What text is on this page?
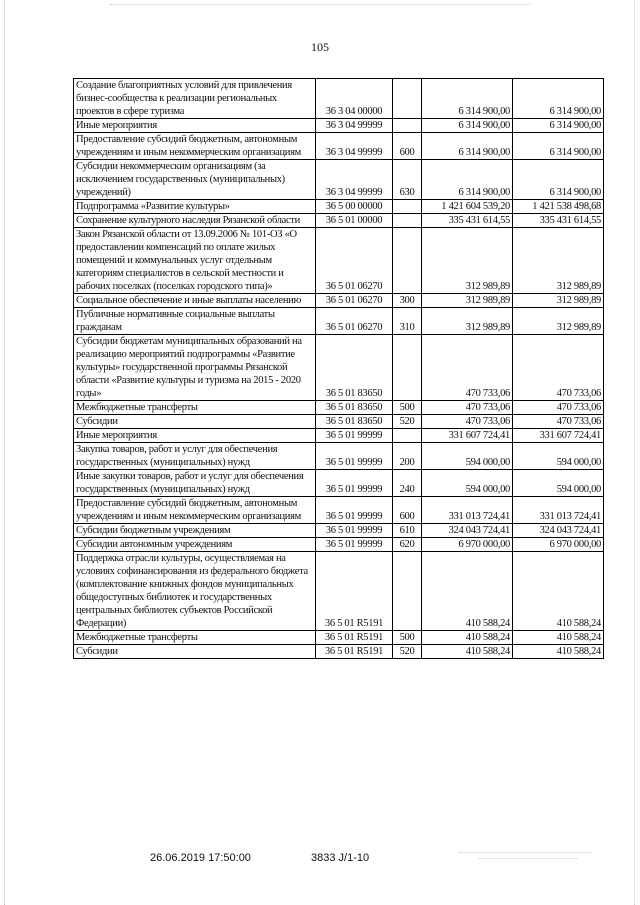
105
Создание благоприятных условий для привлечения бизнес-сообщества к реализации региональных проектов в сфере туризма	36 3 04 00000		6 314 900,00	6 314 900,00
Иные мероприятия	36 3 04 99999		6 314 900,00	6 314 900,00
Предоставление субсидий бюджетным, автономным учреждениям и иным некоммерческим организациям	36 3 04 99999	600	6 314 900,00	6 314 900,00
Субсидии некоммерческим организациям (за исключением государственных (муниципальных) учреждений)	36 3 04 99999	630	6 314 900,00	6 314 900,00
Подпрограмма «Развитие культуры»	36 5 00 00000		1 421 604 539,20	1 421 538 498,68
Сохранение культурного наследия Рязанской области	36 5 01 00000		335 431 614,55	335 431 614,55
Закон Рязанской области от 13.09.2006 № 101-ОЗ «О предоставлении компенсаций по оплате жилых помещений и коммунальных услуг отдельным категориям специалистов в сельской местности и рабочих поселках (поселках городского типа)»	36 5 01 06270		312 989,89	312 989,89
Социальное обеспечение и иные выплаты населению	36 5 01 06270	300	312 989,89	312 989,89
Публичные нормативные социальные выплаты гражданам	36 5 01 06270	310	312 989,89	312 989,89
Субсидии бюджетам муниципальных образований на реализацию мероприятий подпрограммы «Развитие культуры» государственной программы Рязанской области «Развитие культуры и туризма на 2015 - 2020 годы»	36 5 01 83650		470 733,06	470 733,06
Межбюджетные трансферты	36 5 01 83650	500	470 733,06	470 733,06
Субсидии	36 5 01 83650	520	470 733,06	470 733,06
Иные мероприятия	36 5 01 99999		331 607 724,41	331 607 724,41
Закупка товаров, работ и услуг для обеспечения государственных (муниципальных) нужд	36 5 01 99999	200	594 000,00	594 000,00
Иные закупки товаров, работ и услуг для обеспечения государственных (муниципальных) нужд	36 5 01 99999	240	594 000,00	594 000,00
Предоставление субсидий бюджетным, автономным учреждениям и иным некоммерческим организациям	36 5 01 99999	600	331 013 724,41	331 013 724,41
Субсидии бюджетным учреждениям	36 5 01 99999	610	324 043 724,41	324 043 724,41
Субсидии автономным учреждениям	36 5 01 99999	620	6 970 000,00	6 970 000,00
Поддержка отрасли культуры, осуществляемая на условиях софинансирования из федерального бюджета (комплектование книжных фондов муниципальных общедоступных библиотек и государственных центральных библиотек субъектов Российской Федерации)	36 5 01 R5191		410 588,24	410 588,24
Межбюджетные трансферты	36 5 01 R5191	500	410 588,24	410 588,24
Субсидии	36 5 01 R5191	520	410 588,24	410 588,24
26.06.2019 17:50:00	3833 J/1-10
